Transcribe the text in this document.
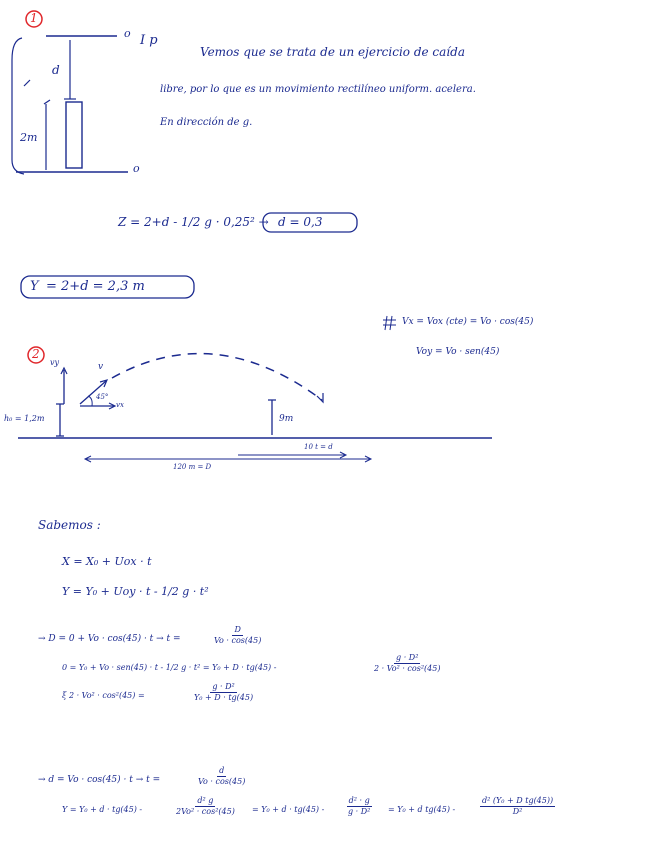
1
o I p
d
2m
o
Vemos que se trata de un ejercicio de caída
libre, por lo que es un movimiento rectilíneo uniform. acelera.
En dirección de g.
Z = 2+d - 1/2 g · 0,25² → d = 0,3
Y = 2+d = 2,3 m
2
Vx = Vox (cte) = Vo · cos(45)
Voy = Vo · sen(45)
vy	v
45°
vx
h₀ = 1,2m	9m
10 t = d
120 m = D
Sabemos :
X = X₀ + Uox · t
Y = Y₀ + Uoy · t - 1/2 g · t²
→ D = 0 + Vo · cos(45) · t → t =	$\frac{D}{Vo \cdot \cos(45)}$
0 = Y₀ + Vo · sen(45) · t - 1/2 g · t² = Y₀ + D · tg(45) -	$\frac{\text{g · D²}}{\text{2 · Vo² · cos²(45)}}$
ξ 2 · Vo² · cos²(45) =	$\frac{\text{g · D²}}{\text{Y₀ + D · tg(45)}}$
→ d = Vo · cos(45) · t → t =	$\frac{d}{Vo \cdot \cos(45)}$
Y = Y₀ + d · tg(45) -	$\frac{\text{d² g}}{\text{2Vo² · cos²(45)}} = Y_0 + d \cdot tg(45)$ -	$\frac{\text{d² · g}}{\text{g · D²}} = Y_0 + d$ tg(45) -	$\frac{\text{d² (Y₀ + D tg(45))}}{\text{D²}}$
